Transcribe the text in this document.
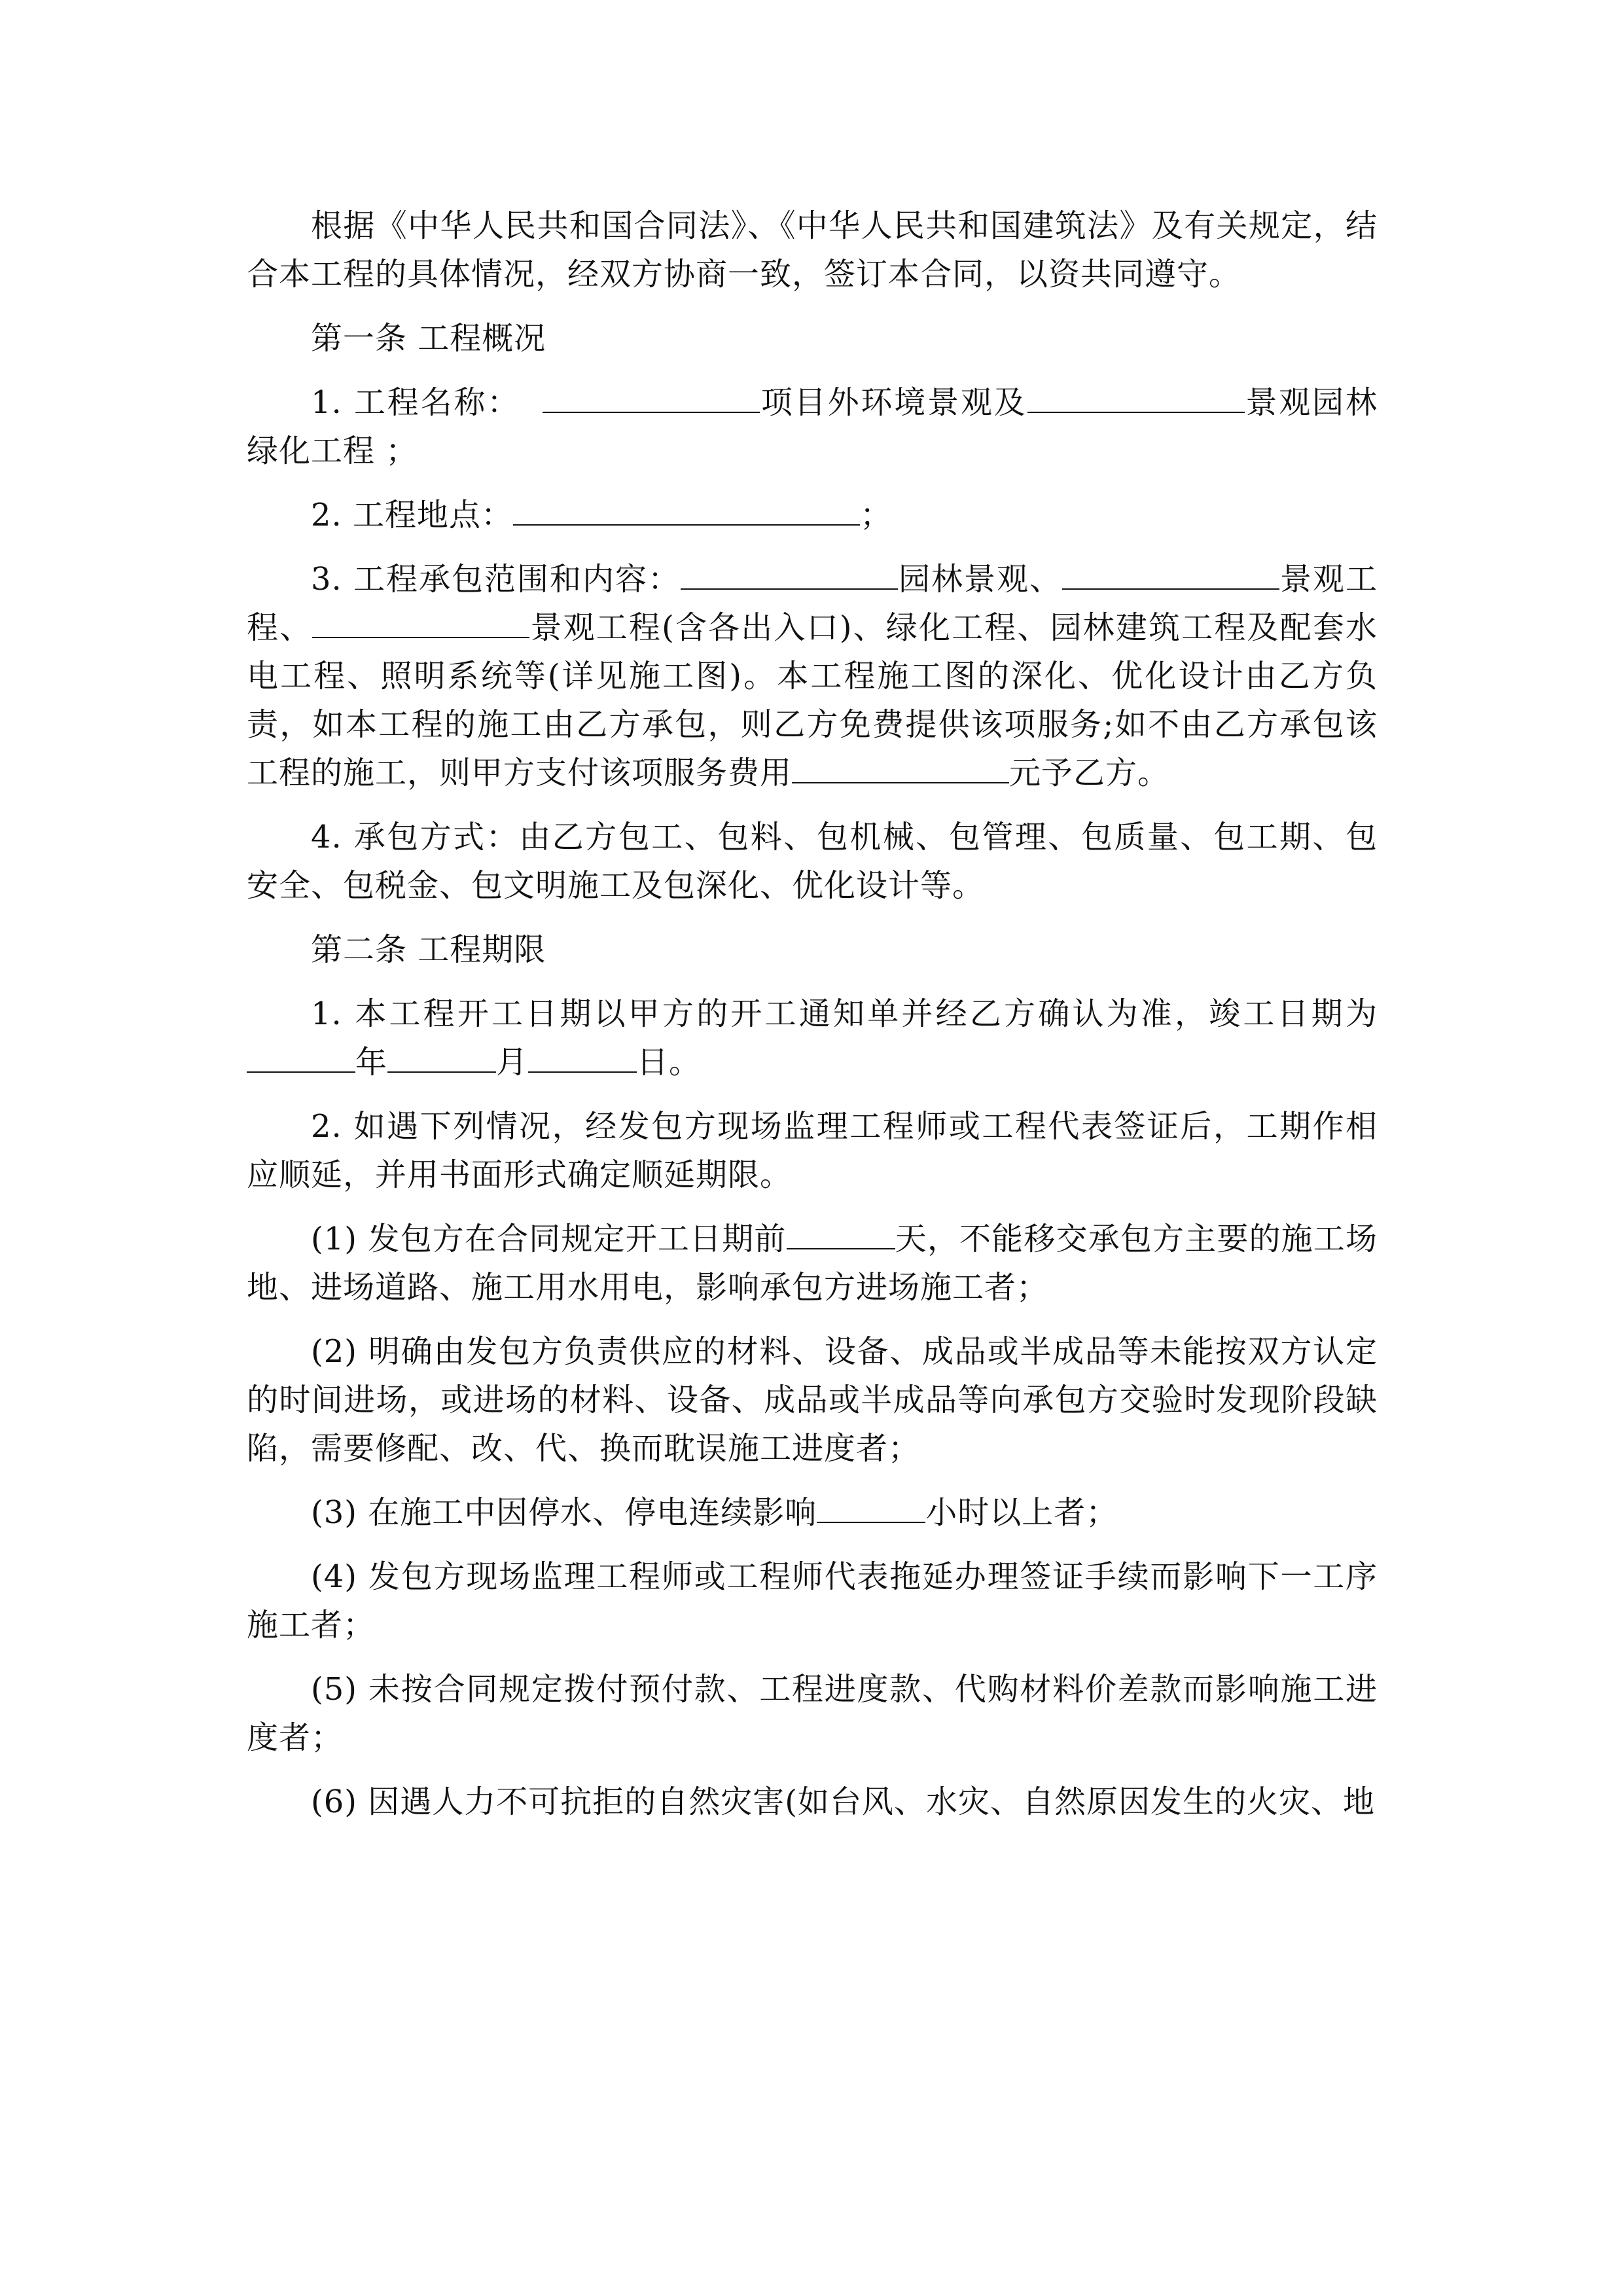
根据《中华人民共和国合同法》、《中华人民共和国建筑法》及有关规定，结合本工程的具体情况，经双方协商一致，签订本合同，以资共同遵守。

第一条 工程概况

1. 工程名称：	项目外环境景观及	景观园林绿化工程 ；

2. 工程地点：	；

3. 工程承包范围和内容：	园林景观、	景观工程、	景观工程(含各出入口)、绿化工程、园林建筑工程及配套水电工程、照明系统等(详见施工图)。本工程施工图的深化、优化设计由乙方负责，如本工程的施工由乙方承包，则乙方免费提供该项服务;如不由乙方承包该工程的施工，则甲方支付该项服务费用	元予乙方。

4. 承包方式：由乙方包工、包料、包机械、包管理、包质量、包工期、包安全、包税金、包文明施工及包深化、优化设计等。

第二条 工程期限

1. 本工程开工日期以甲方的开工通知单并经乙方确认为准，竣工日期为年	月	日。

2. 如遇下列情况，经发包方现场监理工程师或工程代表签证后，工期作相应顺延，并用书面形式确定顺延期限。

(1) 发包方在合同规定开工日期前	天，不能移交承包方主要的施工场地、进场道路、施工用水用电，影响承包方进场施工者；

(2) 明确由发包方负责供应的材料、设备、成品或半成品等未能按双方认定的时间进场，或进场的材料、设备、成品或半成品等向承包方交验时发现阶段缺陷，需要修配、改、代、换而耽误施工进度者；

(3) 在施工中因停水、停电连续影响	小时以上者；

(4) 发包方现场监理工程师或工程师代表拖延办理签证手续而影响下一工序施工者；

(5) 未按合同规定拨付预付款、工程进度款、代购材料价差款而影响施工进度者；

(6) 因遇人力不可抗拒的自然灾害(如台风、水灾、自然原因发生的火灾、地
